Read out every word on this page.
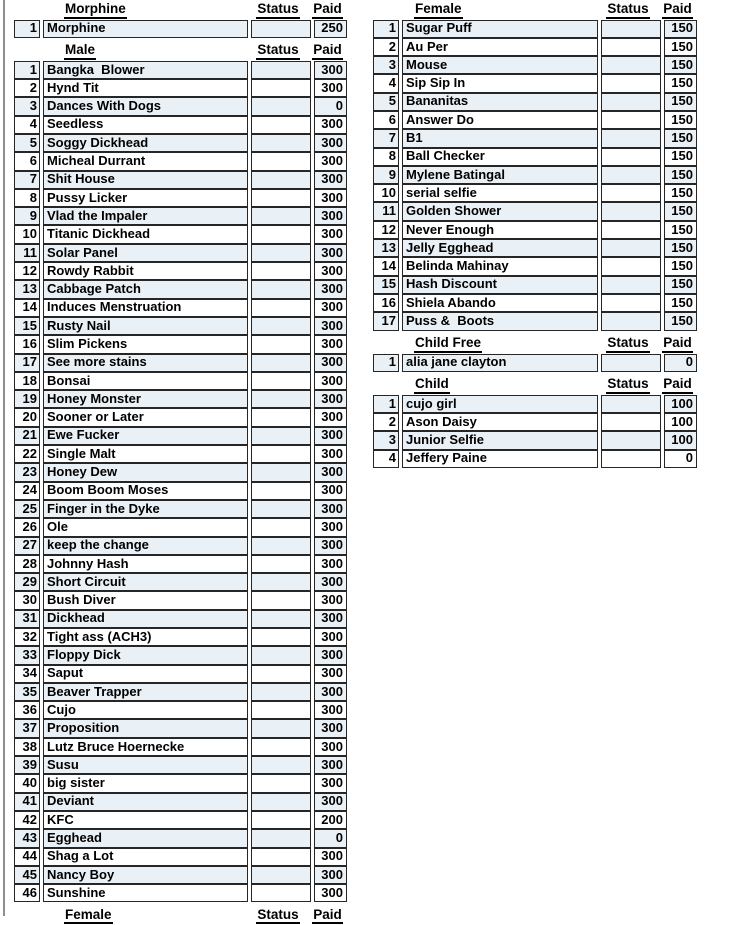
Morphine	Status Paid
1 Morphine	250
Male	Status Paid
1 Bangka  Blower	300
2 Hynd Tit	300
3 Dances With Dogs	0
4 Seedless	300
5 Soggy Dickhead	300
6 Micheal Durrant	300
7 Shit House	300
8 Pussy Licker	300
9 Vlad the Impaler	300
10 Titanic Dickhead	300
11 Solar Panel	300
12 Rowdy Rabbit	300
13 Cabbage Patch	300
14 Induces Menstruation	300
15 Rusty Nail	300
16 Slim Pickens	300
17 See more stains	300
18 Bonsai	300
19 Honey Monster	300
20 Sooner or Later	300
21 Ewe Fucker	300
22 Single Malt	300
23 Honey Dew	300
24 Boom Boom Moses	300
25 Finger in the Dyke	300
26 Ole	300
27 keep the change	300
28 Johnny Hash	300
29 Short Circuit	300
30 Bush Diver	300
31 Dickhead	300
32 Tight ass (ACH3)	300
33 Floppy Dick	300
34 Saput	300
35 Beaver Trapper	300
36 Cujo	300
37 Proposition	300
38 Lutz Bruce Hoernecke	300
39 Susu	300
40 big sister	300
41 Deviant	300
42 KFC	200
43 Egghead	0
44 Shag a Lot	300
45 Nancy Boy	300
46 Sunshine	300
Female	Status Paid
Female	Status Paid
1 Sugar Puff	150
2 Au Per	150
3 Mouse	150
4 Sip Sip In	150
5 Bananitas	150
6 Answer Do	150
7 B1	150
8 Ball Checker	150
9 Mylene Batingal	150
10 serial selfie	150
11 Golden Shower	150
12 Never Enough	150
13 Jelly Egghead	150
14 Belinda Mahinay	150
15 Hash Discount	150
16 Shiela Abando	150
17 Puss &  Boots	150
Child Free	Status Paid
1 alia jane clayton	0
Child	Status Paid
1 cujo girl	100
2 Ason Daisy	100
3 Junior Selfie	100
4 Jeffery Paine	0
